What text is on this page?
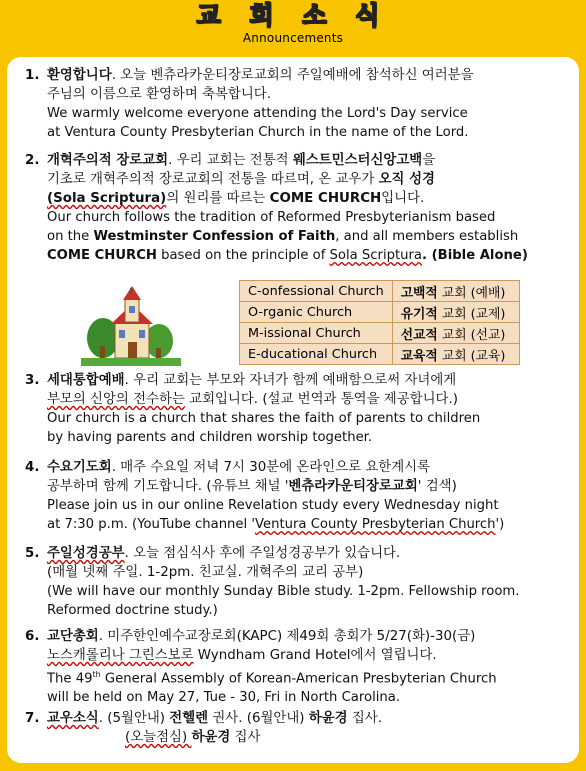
교 회 소 식
Announcements
1. 환영합니다. 오늘 벤츄라카운티장로교회의 주일예배에 참석하신 여러분을
주님의 이름으로 환영하며 축복합니다.
We warmly welcome everyone attending the Lord's Day service
at Ventura County Presbyterian Church in the name of the Lord.
2. 개혁주의적 장로교회. 우리 교회는 전통적 웨스트민스터신앙고백을
기초로 개혁주의적 장로교회의 전통을 따르며, 온 교우가 오직 성경
(Sola Scriptura)의 원리를 따르는 COME CHURCH입니다.
Our church follows the tradition of Reformed Presbyterianism based
on the Westminster Confession of Faith, and all members establish
COME CHURCH based on the principle of Sola Scriptura. (Bible Alone)
C-onfessional Church	고백적 교회 (예배)
O-rganic Church	유기적 교회 (교제)
M-issional Church	선교적 교회 (선교)
E-ducational Church	교육적 교회 (교육)
3. 세대통합예배. 우리 교회는 부모와 자녀가 함께 예배함으로써 자녀에게
부모의 신앙의 전수하는 교회입니다. (설교 번역과 통역을 제공합니다.)
Our church is a church that shares the faith of parents to children
by having parents and children worship together.
4. 수요기도회. 매주 수요일 저녁 7시 30분에 온라인으로 요한계시록
공부하며 함께 기도합니다. (유튜브 채널 '벤츄라카운티장로교회' 검색)
Please join us in our online Revelation study every Wednesday night
at 7:30 p.m. (YouTube channel 'Ventura County Presbyterian Church')
5. 주일성경공부. 오늘 점심식사 후에 주일성경공부가 있습니다.
(매월 넷째 주일. 1-2pm. 친교실. 개혁주의 교리 공부)
(We will have our monthly Sunday Bible study. 1-2pm. Fellowship room.
Reformed doctrine study.)
6. 교단총회. 미주한인예수교장로회(KAPC) 제49회 총회가 5/27(화)-30(금)
노스캐롤리나 그린스보로 Wyndham Grand Hotel에서 열립니다.
The 49th General Assembly of Korean-American Presbyterian Church
will be held on May 27, Tue - 30, Fri in North Carolina.
7. 교우소식. (5월안내) 전헬렌 권사. (6월안내) 하윤경 집사.
(오늘점심) 하윤경 집사
